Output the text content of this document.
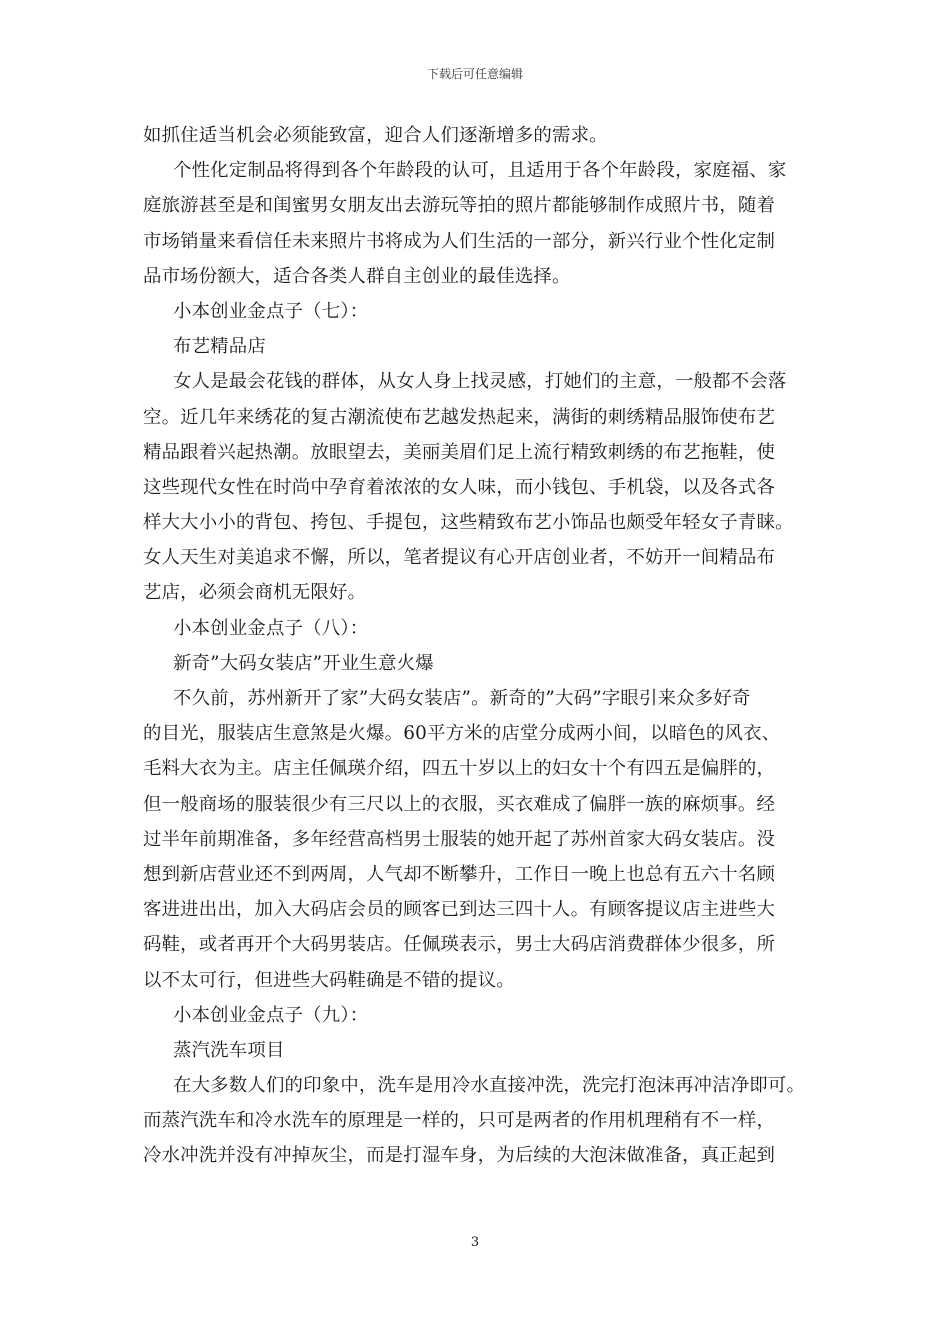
下载后可任意编辑
如抓住适当机会必须能致富，迎合人们逐渐增多的需求。
个性化定制品将得到各个年龄段的认可，且适用于各个年龄段，家庭福、家
庭旅游甚至是和闺蜜男女朋友出去游玩等拍的照片都能够制作成照片书，随着
市场销量来看信任未来照片书将成为人们生活的一部分，新兴行业个性化定制
品市场份额大，适合各类人群自主创业的最佳选择。
小本创业金点子（七）：
布艺精品店
女人是最会花钱的群体，从女人身上找灵感，打她们的主意，一般都不会落
空。近几年来绣花的复古潮流使布艺越发热起来，满街的刺绣精品服饰使布艺
精品跟着兴起热潮。放眼望去，美丽美眉们足上流行精致刺绣的布艺拖鞋，使
这些现代女性在时尚中孕育着浓浓的女人味，而小钱包、手机袋，以及各式各
样大大小小的背包、挎包、手提包，这些精致布艺小饰品也颇受年轻女子青睐。
女人天生对美追求不懈，所以，笔者提议有心开店创业者，不妨开一间精品布
艺店，必须会商机无限好。
小本创业金点子（八）：
新奇”大码女装店”开业生意火爆
不久前，苏州新开了家”大码女装店”。新奇的”大码”字眼引来众多好奇
的目光，服装店生意煞是火爆。60平方米的店堂分成两小间，以暗色的风衣、
毛料大衣为主。店主任佩瑛介绍，四五十岁以上的妇女十个有四五是偏胖的，
但一般商场的服装很少有三尺以上的衣服，买衣难成了偏胖一族的麻烦事。经
过半年前期准备，多年经营高档男士服装的她开起了苏州首家大码女装店。没
想到新店营业还不到两周，人气却不断攀升，工作日一晚上也总有五六十名顾
客进进出出，加入大码店会员的顾客已到达三四十人。有顾客提议店主进些大
码鞋，或者再开个大码男装店。任佩瑛表示，男士大码店消费群体少很多，所
以不太可行，但进些大码鞋确是不错的提议。
小本创业金点子（九）：
蒸汽洗车项目
在大多数人们的印象中，洗车是用冷水直接冲洗，洗完打泡沫再冲洁净即可。
而蒸汽洗车和冷水洗车的原理是一样的，只可是两者的作用机理稍有不一样，
冷水冲洗并没有冲掉灰尘，而是打湿车身，为后续的大泡沫做准备，真正起到
3
